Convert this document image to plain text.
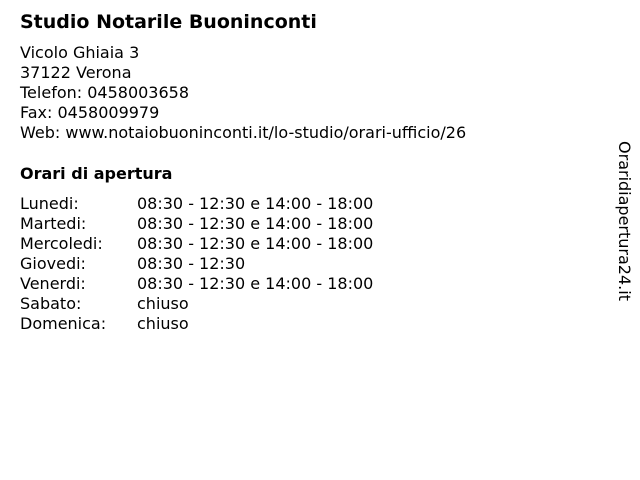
Studio Notarile Buoninconti
Vicolo Ghiaia 3
37122 Verona
Telefon: 0458003658
Fax: 0458009979
Web: www.notaiobuoninconti.it/lo-studio/orari-ufficio/26
Orari di apertura
Lunedi:	08:30 - 12:30 e 14:00 - 18:00
Martedi:	08:30 - 12:30 e 14:00 - 18:00
Mercoledi: 08:30 - 12:30 e 14:00 - 18:00
Giovedi:	08:30 - 12:30
Venerdi:	08:30 - 12:30 e 14:00 - 18:00
Sabato:	chiuso
Domenica: chiuso
Oraridiapertura24.it
